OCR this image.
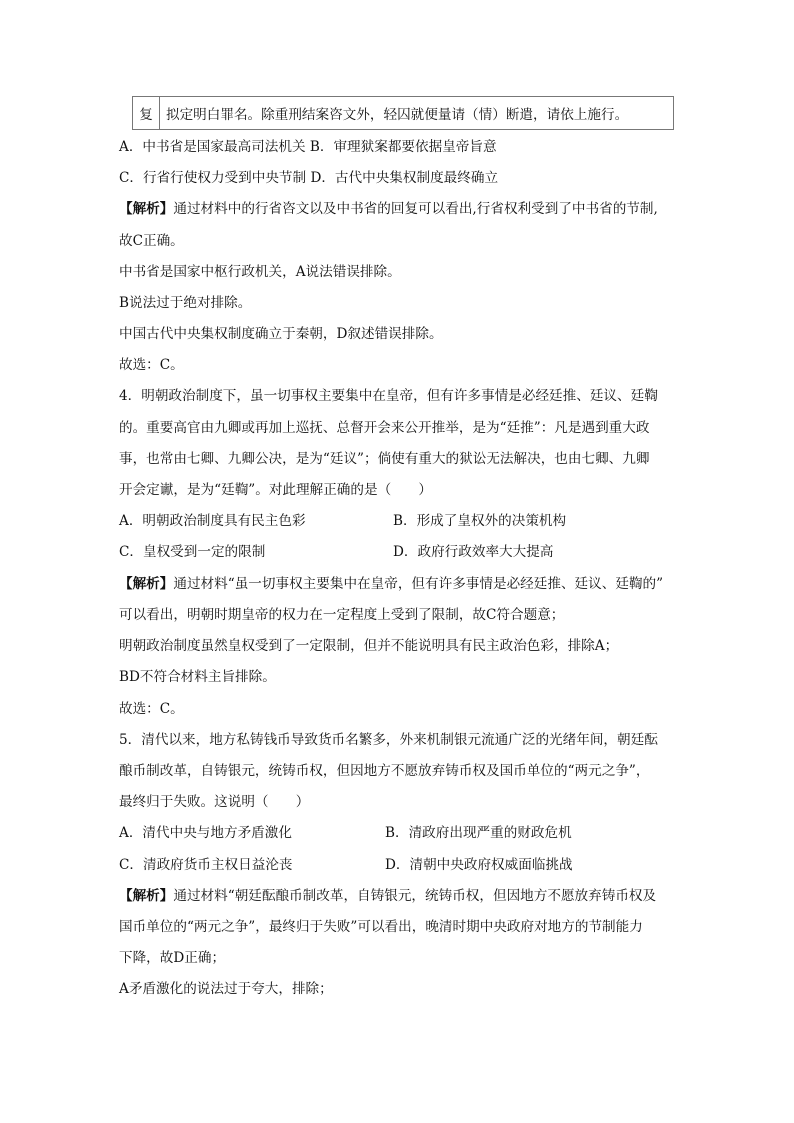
复 拟定明白罪名。除重刑结案咨文外，轻囚就便量请（情）断遣，请依上施行。
A．中书省是国家最高司法机关 B．审理狱案都要依据皇帝旨意
C．行省行使权力受到中央节制 D．古代中央集权制度最终确立
【解析】通过材料中的行省咨文以及中书省的回复可以看出,行省权利受到了中书省的节制,
故C正确。
中书省是国家中枢行政机关，A说法错误排除。
B说法过于绝对排除。
中国古代中央集权制度确立于秦朝，D叙述错误排除。
故选：C。
4．明朝政治制度下，虽一切事权主要集中在皇帝，但有许多事情是必经廷推、廷议、廷鞫
的。重要高官由九卿或再加上巡抚、总督开会来公开推举，是为“廷推”：凡是遇到重大政
事，也常由七卿、九卿公决，是为“廷议”；倘使有重大的狱讼无法解决，也由七卿、九卿
开会定谳，是为“廷鞫”。对此理解正确的是（　　）
A．明朝政治制度具有民主色彩	B．形成了皇权外的决策机构
C．皇权受到一定的限制	D．政府行政效率大大提高
【解析】通过材料“虽一切事权主要集中在皇帝，但有许多事情是必经廷推、廷议、廷鞫的”
可以看出，明朝时期皇帝的权力在一定程度上受到了限制，故C符合题意；
明朝政治制度虽然皇权受到了一定限制，但并不能说明具有民主政治色彩，排除A；
BD不符合材料主旨排除。
故选：C。
5．清代以来，地方私铸钱币导致货币名繁多，外来机制银元流通广泛的光绪年间，朝廷酝
酿币制改革，自铸银元，统铸币权，但因地方不愿放弃铸币权及国币单位的“两元之争”，
最终归于失败。这说明（　　）
A．清代中央与地方矛盾激化	B．清政府出现严重的财政危机
C．清政府货币主权日益沦丧	D．清朝中央政府权威面临挑战
【解析】通过材料“朝廷酝酿币制改革，自铸银元，统铸币权，但因地方不愿放弃铸币权及
国币单位的“两元之争”，最终归于失败”可以看出，晚清时期中央政府对地方的节制能力
下降，故D正确；
A矛盾激化的说法过于夸大，排除；
